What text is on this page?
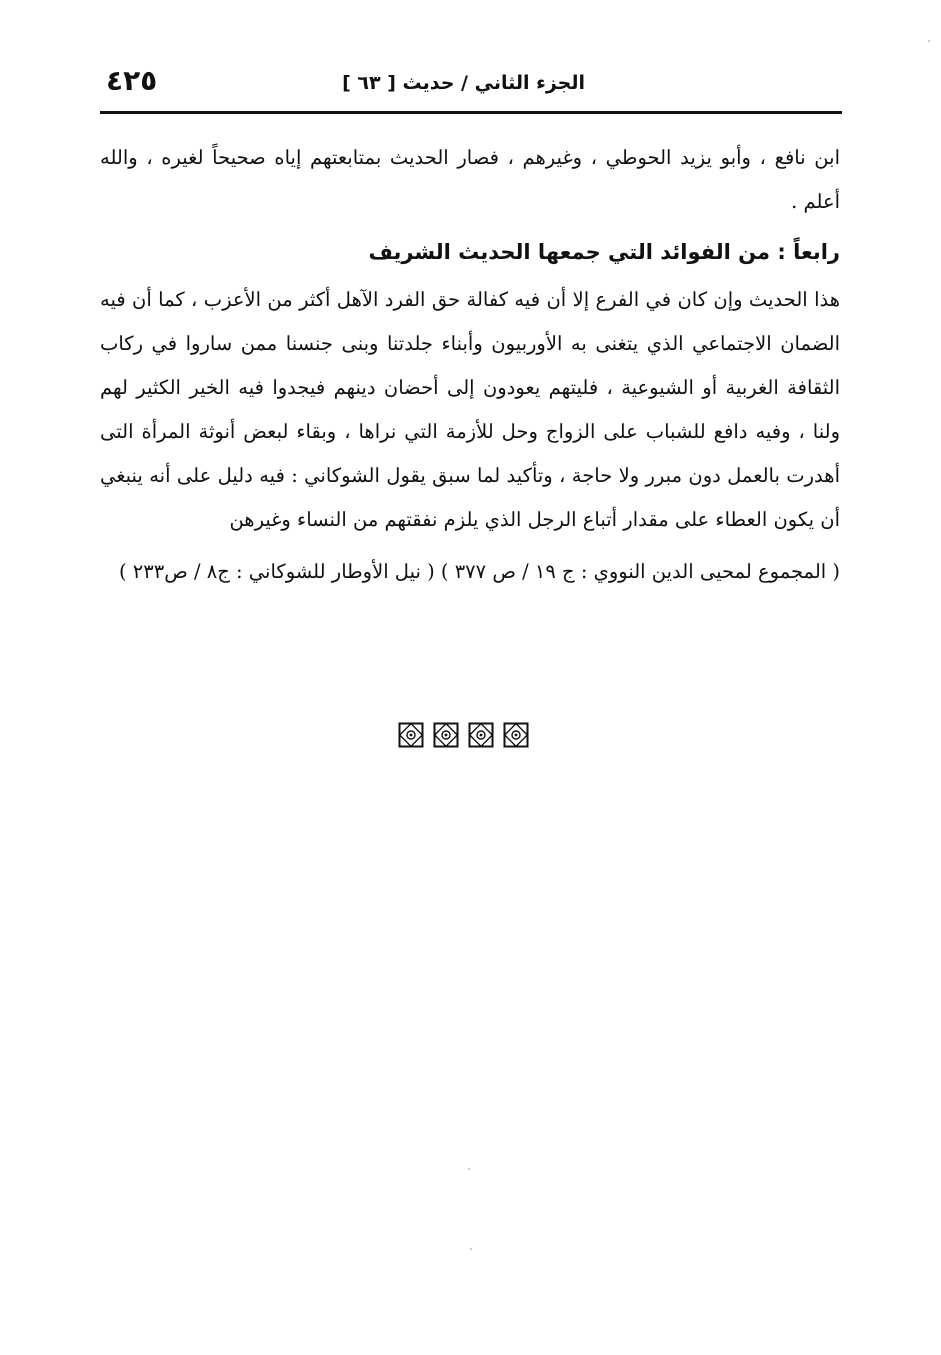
الجزء الثاني / حديث [ ٦٣ ]
٤٢٥

ابن نافع ، وأبو يزيد الحوطي ، وغيرهم ، فصار الحديث بمتابعتهم إياه صحيحاً لغيره ، والله أعلم .

رابعاً : من الفوائد التي جمعها الحديث الشريف

هذا الحديث وإن كان في الفرع إلا أن فيه كفالة حق الفرد الآهل أكثر من الأعزب ، كما أن فيه الضمان الاجتماعي الذي يتغنى به الأوربيون وأبناء جلدتنا وبنى جنسنا ممن ساروا في ركاب الثقافة الغربية أو الشيوعية ، فليتهم يعودون إلى أحضان دينهم فيجدوا فيه الخير الكثير لهم ولنا ، وفيه دافع للشباب على الزواج وحل للأزمة التي نراها ، وبقاء لبعض أنوثة المرأة التى أهدرت بالعمل دون مبرر ولا حاجة ، وتأكيد لما سبق يقول الشوكاني : فيه دليل على أنه ينبغي أن يكون العطاء على مقدار أتباع الرجل الذي يلزم نفقتهم من النساء وغيرهن

( المجموع لمحيى الدين النووي : ج ١٩ / ص ٣٧٧ ) ( نيل الأوطار للشوكاني : ج٨ / ص٢٣٣ )
